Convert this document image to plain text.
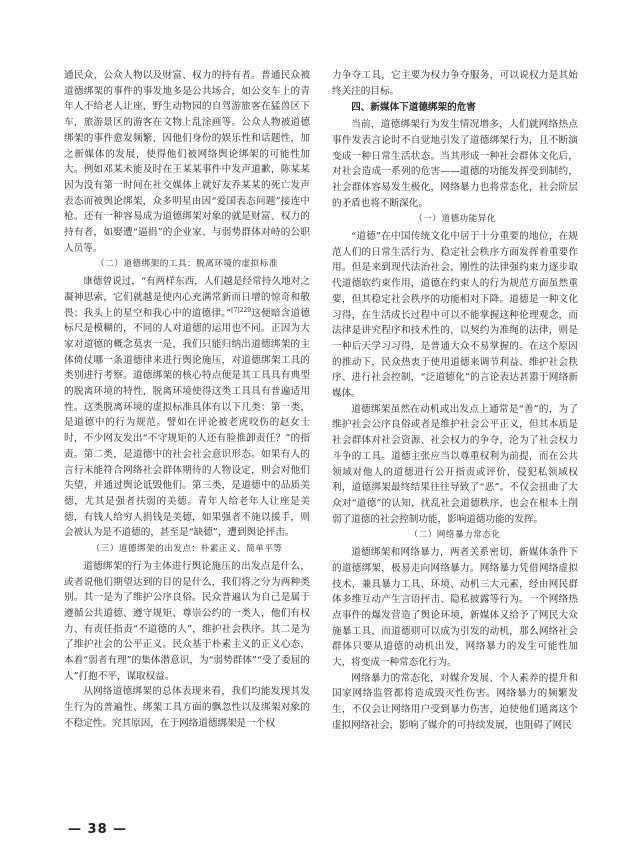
通民众、公众人物以及财富、权力的持有者。普通民众被道德绑架的事件的事发地多是公共场合，如公交车上的青年人不给老人让座，野生动物园的自驾游旅客在猛兽区下车，旅游景区的游客在文物上乱涂画等。公众人物被道德绑架的事件愈发频繁，因他们身份的娱乐性和话题性，加之新媒体的发展，使得他们被网络舆论绑架的可能性加大。例如邓某未能及时在王某某事件中发声道歉，陈某某因为没有第一时间在社交媒体上就好友乔某某的死亡发声表态而被舆论绑架，众多明星由因“爱国表态问题”接连中枪。还有一种容易成为道德绑架对象的就是财富、权力的持有者，如娶遭“逼捐”的企业家、与弱势群体对峙的公职人员等。

（二）道德绑架的工具：脱离环境的虚拟标准

康德曾说过，“有两样东西，人们越是经常持久地对之凝神思索，它们就越是使内心充满常新而日增的惊奇和敬畏；我头上的星空和我心中的道德律。”$^{[7]229}$这便暗含道德标尺是模糊的，不同的人对道德的运用也不同。正因为大家对道德的概念莫衷一是，我们只能归纳出道德绑架的主体倚仗哪一条道德律来进行舆论施压，对道德绑架工具的类别进行考察。道德绑架的核心特点便是其工具具有典型的脱离环境的特性，脱离环境使得这类工具具有普遍适用性。这类脱离环境的虚拟标准具体有以下几类：第一类，是道德中的行为规范。譬如在评论被老虎咬伤的赵女士时，不少网友发出“不守规矩的人还有脸推卸责任？”的指责。第二类，是道德中的社会社会意识形态。如果有人的言行未能符合网络社会群体期待的人物设定，则会对他们失望，并通过舆论诋毁他们。第三类，是道德中的品质美德，尤其是强者扶弱的美德。青年人给老年人让座是美德，有钱人给穷人捐钱是美德，如果强者不施以援手，则会被认为是不道德的，甚至是“缺德”，遭到舆论抨击。

（三）道德绑架的出发点：朴素正义、简单平等

道德绑架的行为主体进行舆论施压的出发点是什么，或者说他们期望达到的目的是什么，我们将之分为两种类别。其一是为了维护公序良俗。民众普遍认为自己是属于遵循公共道德、遵守规矩、尊崇公约的一类人，他们有权力、有责任指责“不道德的人”，维护社会秩序。其二是为了维护社会的公平正义。民众基于朴素主义的正义心态，本着“弱者有理”的集体潜意识，为“弱势群体”“受了委屈的人”打抱不平，谋取权益。

从网络道德绑架的总体表现来看，我们均能发现其发生行为的普遍性、绑架工具方面的飘忽性以及绑架对象的不稳定性。究其原因，在于网络道德绑架是一个权

力争夺工具，它主要为权力争夺服务，可以说权力是其始终关注的目标。

四、新媒体下道德绑架的危害

当前，道德绑架行为发生情况增多，人们就网络热点事件发表言论时不自觉地引发了道德绑架行为，且不断演变成一种日常生活状态。当其形成一种社会群体文化后，对社会造成一系列的危害——道德的功能发挥受到制约，社会群体容易发生极化，网络暴力也将常态化，社会阶层的矛盾也将不断深化。

（一）道德功能异化

“道德”在中国传统文化中居于十分重要的地位，在规范人们的日常生活行为、稳定社会秩序方面发挥着重要作用。但是来到现代法治社会，刚性的法律强约束力逐步取代道德软约束作用，道德在约束人的行为规范方面虽然重要，但其稳定社会秩序的功能相对下降。道德是一种文化习得，在生活成长过程中可以不能掌握这种伦理观念，而法律是讲究程序和技术性的，以契约为准绳的法律，则是一种后天学习习得，是普通大众不易掌握的。在这个原因的推动下，民众热衷于使用道德来调节利益、维护社会秩序、进行社会控制，“泛道德化”的言论表达甚嚣于网络新媒体。

道德绑架虽然在动机或出发点上通常是“善”的，为了维护社会公序良俗或者是维护社会公平正义，但其本质是社会群体对社会资源、社会权力的争夺，沦为了社会权力斗争的工具。道德主张应当以尊重权利为前提，而在公共领域对他人的道德进行公开指责或评价，侵犯私领域权利，道德绑架最终结果往往导致了“恶”。不仅会扭曲了大众对“道德”的认知，扰乱社会道德秩序，也会在根本上削弱了道德的社会控制功能，影响道德功能的发挥。

（二）网络暴力常态化

道德绑架和网络暴力，两者关系密切，新媒体条件下的道德绑架，极易走向网络暴力。网络暴力凭借网络虚拟技术，兼具暴力工具、环境、动机三大元素，经由网民群体多维互动产生言语抨击、隐私披露等行为。一个网络热点事件的爆发营造了舆论环境，新媒体又给予了网民大众施暴工具，而道德则可以成为引发的动机，那么网络社会群体只要从道德的动机出发，网络暴力的发生可能性加大，将变成一种常态化行为。

网络暴力的常态化，对媒介发展、个人素养的提升和国家网络监管都将造成毁灭性伤害。网络暴力的频繁发生，不仅会让网络用户受到暴力伤害，迫使他们遁离这个虚拟网络社会，影响了媒介的可持续发展，也阻碍了网民

— 38 —
